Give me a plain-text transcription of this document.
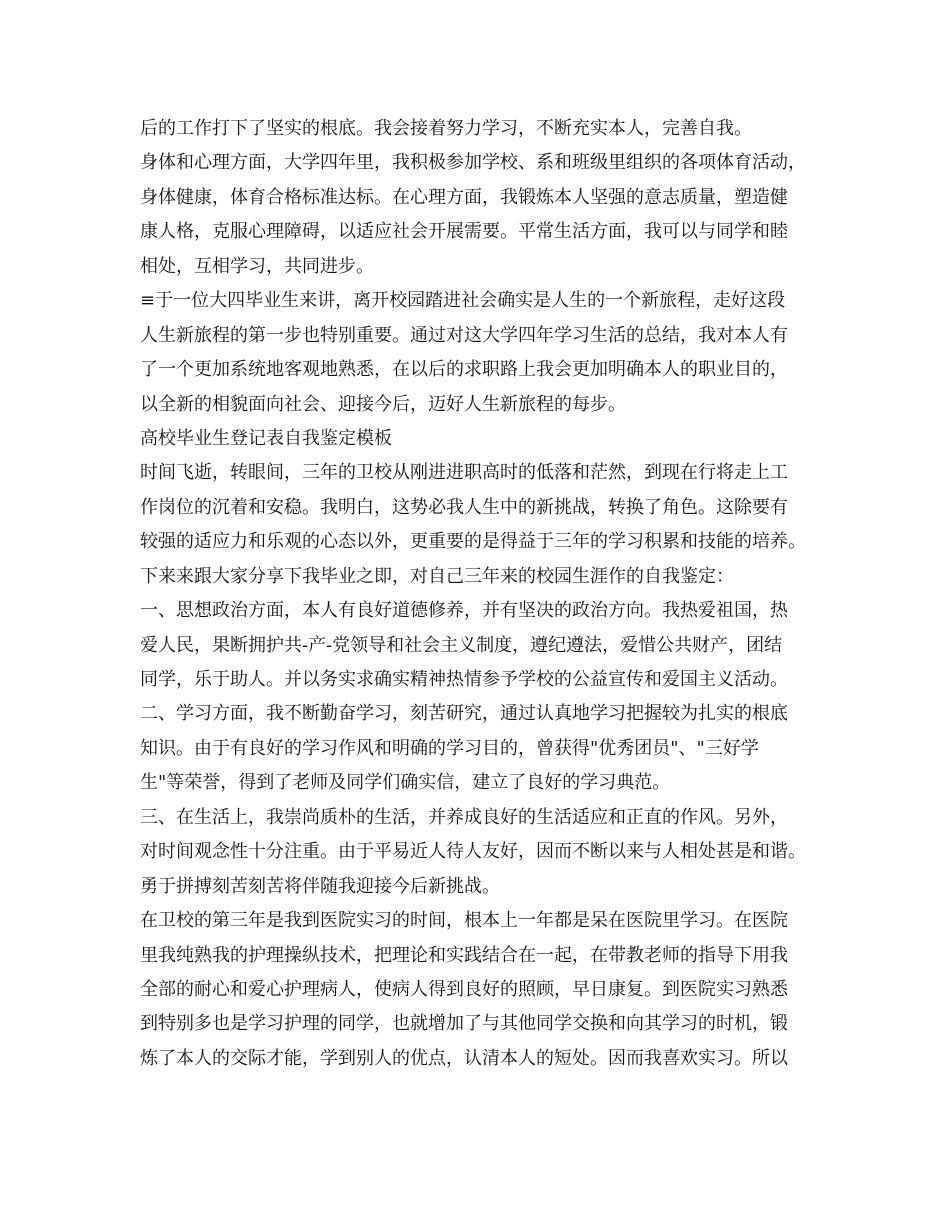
后的工作打下了坚实的根底。我会接着努力学习，不断充实本人，完善自我。
身体和心理方面，大学四年里，我积极参加学校、系和班级里组织的各项体育活动，
身体健康，体育合格标准达标。在心理方面，我锻炼本人坚强的意志质量，塑造健
康人格，克服心理障碍，以适应社会开展需要。平常生活方面，我可以与同学和睦
相处，互相学习，共同进步。
≡于一位大四毕业生来讲，离开校园踏进社会确实是人生的一个新旅程，走好这段
人生新旅程的第一步也特别重要。通过对这大学四年学习生活的总结，我对本人有
了一个更加系统地客观地熟悉，在以后的求职路上我会更加明确本人的职业目的，
以全新的相貌面向社会、迎接今后，迈好人生新旅程的每步。
高校毕业生登记表自我鉴定模板
时间飞逝，转眼间，三年的卫校从刚进进职高时的低落和茫然，到现在行将走上工
作岗位的沉着和安稳。我明白，这势必我人生中的新挑战，转换了角色。这除要有
较强的适应力和乐观的心态以外，更重要的是得益于三年的学习积累和技能的培养。
下来来跟大家分享下我毕业之即，对自己三年来的校园生涯作的自我鉴定：
一、思想政治方面，本人有良好道德修养，并有坚决的政治方向。我热爱祖国，热
爱人民，果断拥护共-产-党领导和社会主义制度，遵纪遵法，爱惜公共财产，团结
同学，乐于助人。并以务实求确实精神热情参予学校的公益宣传和爱国主义活动。
二、学习方面，我不断勤奋学习，刻苦研究，通过认真地学习把握较为扎实的根底
知识。由于有良好的学习作风和明确的学习目的，曾获得"优秀团员"、"三好学
生"等荣誉，得到了老师及同学们确实信，建立了良好的学习典范。
三、在生活上，我崇尚质朴的生活，并养成良好的生活适应和正直的作风。另外，
对时间观念性十分注重。由于平易近人待人友好，因而不断以来与人相处甚是和谐。
勇于拼搏刻苦刻苦将伴随我迎接今后新挑战。
在卫校的第三年是我到医院实习的时间，根本上一年都是呆在医院里学习。在医院
里我纯熟我的护理操纵技术，把理论和实践结合在一起，在带教老师的指导下用我
全部的耐心和爱心护理病人，使病人得到良好的照顾，早日康复。到医院实习熟悉
到特别多也是学习护理的同学，也就增加了与其他同学交换和向其学习的时机，锻
炼了本人的交际才能，学到别人的优点，认清本人的短处。因而我喜欢实习。所以
